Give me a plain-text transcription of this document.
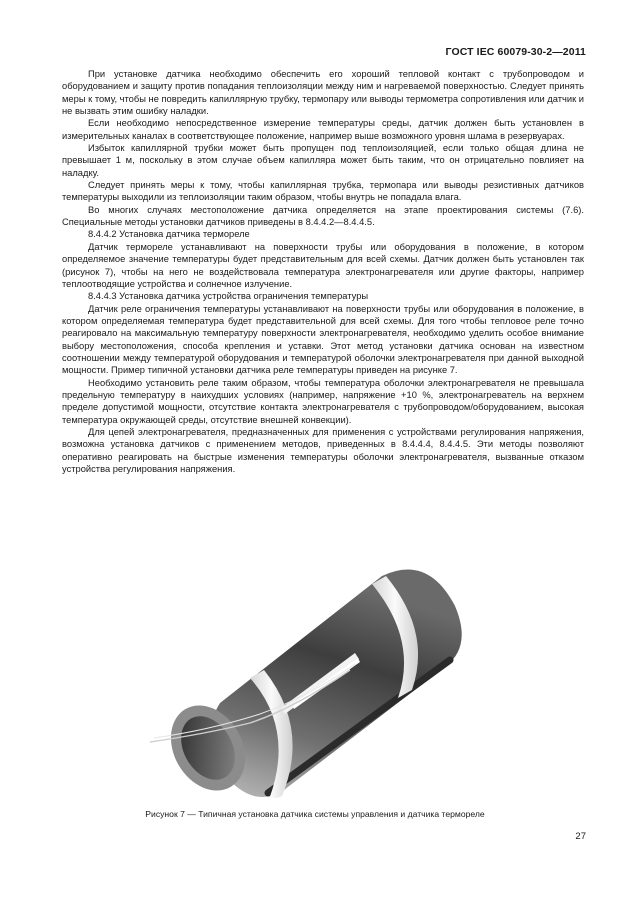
ГОСТ IEC 60079-30-2—2011

При установке датчика необходимо обеспечить его хороший тепловой контакт с трубопроводом и оборудованием и защиту против попадания теплоизоляции между ним и нагреваемой поверхностью. Следует принять меры к тому, чтобы не повредить капиллярную трубку, термопару или выводы термометра сопротивления или датчик и не вызвать этим ошибку наладки.

Если необходимо непосредственное измерение температуры среды, датчик должен быть установлен в измерительных каналах в соответствующее положение, например выше возможного уровня шлама в резервуарах.

Избыток капиллярной трубки может быть пропущен под теплоизоляцией, если только общая длина не превышает 1 м, поскольку в этом случае объем капилляра может быть таким, что он отрицательно повлияет на наладку.

Следует принять меры к тому, чтобы капиллярная трубка, термопара или выводы резистивных датчиков температуры выходили из теплоизоляции таким образом, чтобы внутрь не попадала влага.

Во многих случаях местоположение датчика определяется на этапе проектирования системы (7.6). Специальные методы установки датчиков приведены в 8.4.4.2—8.4.4.5.

8.4.4.2 Установка датчика термореле

Датчик термореле устанавливают на поверхности трубы или оборудования в положение, в котором определяемое значение температуры будет представительным для всей схемы. Датчик должен быть установлен так (рисунок 7), чтобы на него не воздействовала температура электронагревателя или другие факторы, например теплоотводящие устройства и солнечное излучение.

8.4.4.3 Установка датчика устройства ограничения температуры

Датчик реле ограничения температуры устанавливают на поверхности трубы или оборудования в положение, в котором определяемая температура будет представительной для всей схемы. Для того чтобы тепловое реле точно реагировало на максимальную температуру поверхности электронагревателя, необходимо уделить особое внимание выбору местоположения, способа крепления и уставки. Этот метод установки датчика основан на известном соотношении между температурой оборудования и температурой оболочки электронагревателя при данной выходной мощности. Пример типичной установки датчика реле температуры приведен на рисунке 7.

Необходимо установить реле таким образом, чтобы температура оболочки электронагревателя не превышала предельную температуру в наихудших условиях (например, напряжение +10 %, электронагреватель на верхнем пределе допустимой мощности, отсутствие контакта электронагревателя с трубопроводом/оборудованием, высокая температура окружающей среды, отсутствие внешней конвекции).

Для цепей электронагревателя, предназначенных для применения с устройствами регулирования напряжения, возможна установка датчиков с применением методов, приведенных в 8.4.4.4, 8.4.4.5. Эти методы позволяют оперативно реагировать на быстрые изменения температуры оболочки электронагревателя, вызванные отказом устройства регулирования напряжения.

Рисунок 7 — Типичная установка датчика системы управления и датчика термореле
27
